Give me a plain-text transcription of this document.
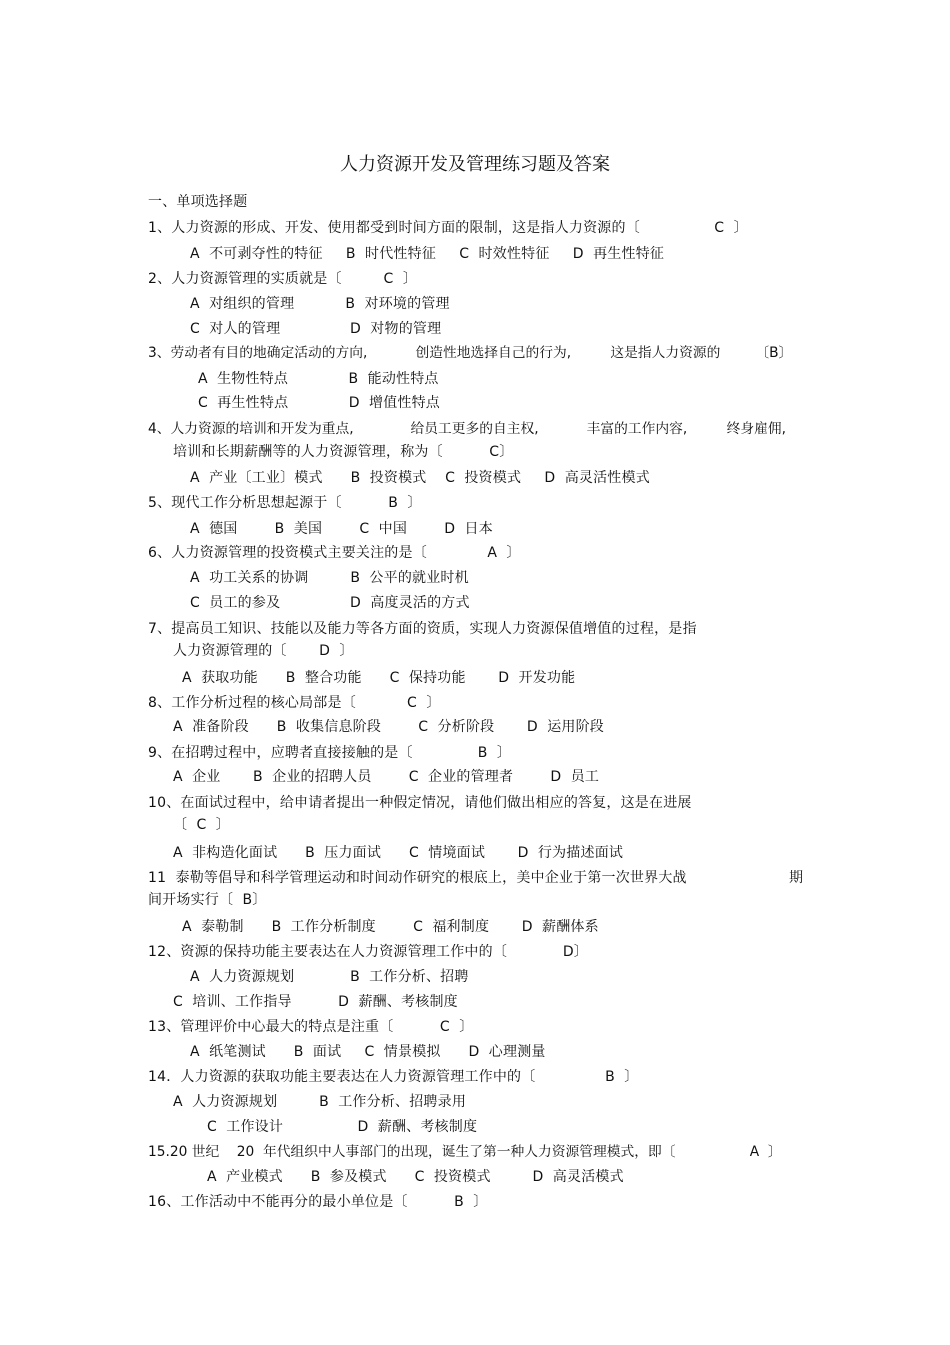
人力资源开发及管理练习题及答案
一、单项选择题
1、人力资源的形成、开发、使用都受到时间方面的限制，这是指人力资源的〔                C  〕
A  不可剥夺性的特征     B  时代性特征     C  时效性特征     D  再生性特征
2、人力资源管理的实质就是〔         C  〕
A  对组织的管理           B  对环境的管理
C  对人的管理               D  对物的管理
3、劳动者有目的地确定活动的方向,           创造性地选择自己的行为,         这是指人力资源的        〔B〕
A  生物性特点             B  能动性特点
C  再生性特点             D  增值性特点
4、人力资源的培训和开发为重点,             给员工更多的自主权,           丰富的工作内容,         终身雇佣,
培训和长期薪酬等的人力资源管理，称为〔          C〕
A  产业〔工业〕模式      B  投资模式    C  投资模式     D  高灵活性模式
5、现代工作分析思想起源于〔          B  〕
A  德国        B  美国        C  中国        D  日本
6、人力资源管理的投资模式主要关注的是〔             A  〕
A  功工关系的协调         B  公平的就业时机
C  员工的参及               D  高度灵活的方式
7、提高员工知识、技能以及能力等各方面的资质，实现人力资源保值增值的过程，是指
人力资源管理的〔       D  〕
A  获取功能      B  整合功能      C  保持功能       D  开发功能
8、工作分析过程的核心局部是〔           C  〕
A  准备阶段      B  收集信息阶段        C  分析阶段       D  运用阶段
9、在招聘过程中，应聘者直接接触的是〔              B  〕
A  企业       B  企业的招聘人员        C  企业的管理者        D  员工
10、在面试过程中，给申请者提出一种假定情况，请他们做出相应的答复，这是在进展
〔  C  〕
A  非构造化面试      B  压力面试      C  情境面试       D  行为描述面试
11  泰勒等倡导和科学管理运动和时间动作研究的根底上，美中企业于第一次世界大战                      期
间开场实行〔  B〕
A  泰勒制      B  工作分析制度        C  福利制度       D  薪酬体系
12、资源的保持功能主要表达在人力资源管理工作中的〔            D〕
A  人力资源规划            B  工作分析、招聘
C  培训、工作指导          D  薪酬、考核制度
13、管理评价中心最大的特点是注重〔          C  〕
A  纸笔测试      B  面试     C  情景模拟      D  心理测量
14．人力资源的获取功能主要表达在人力资源管理工作中的〔               B  〕
A  人力资源规划         B  工作分析、招聘录用
C  工作设计                D  薪酬、考核制度
15.20 世纪    20  年代组织中人事部门的出现，诞生了第一种人力资源管理模式，即〔                 A  〕
A  产业模式      B  参及模式      C  投资模式         D  高灵活模式
16、工作活动中不能再分的最小单位是〔          B  〕
